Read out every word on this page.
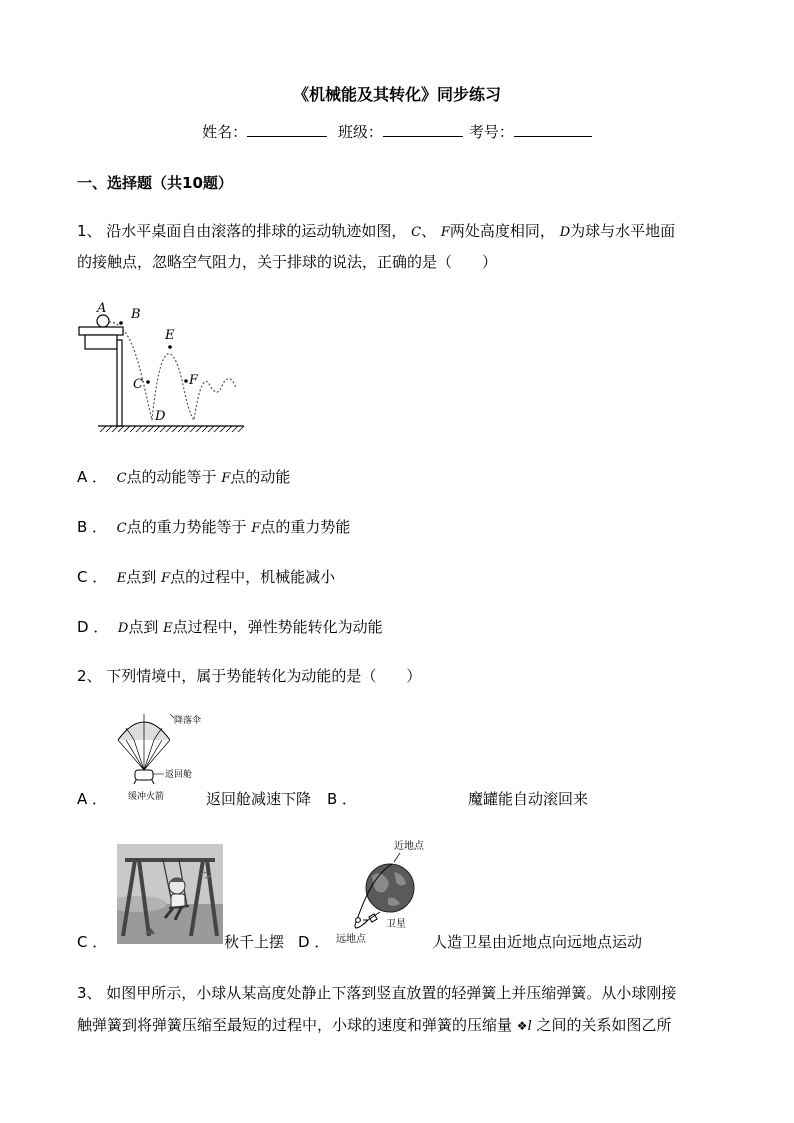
《机械能及其转化》同步练习
姓名：	班级：	考号：
一、选择题（共10题）
1、 沿水平桌面自由滚落的排球的运动轨迹如图， C、 F两处高度相同， D为球与水平地面
的接触点，忽略空气阻力，关于排球的说法，正确的是（　　）
A B
C
D
E
F
A ． C点的动能等于 F点的动能
B ． C点的重力势能等于 F点的重力势能
C ． E点到 F点的过程中，机械能减小
D ． D点到 E点过程中，弹性势能转化为动能
2、 下列情境中，属于势能转化为动能的是（　　）
降落伞
返回舱
缓冲火箭
A ．	返回舱减速下降 B ．	魔罐能自动滚回来
C ．	秋千上摆 D ．
近地点
卫星
远地点	人造卫星由近地点向远地点运动
3、 如图甲所示，小球从某高度处静止下落到竖直放置的轻弹簧上并压缩弹簧。从小球刚接
触弹簧到将弹簧压缩至最短的过程中，小球的速度和弹簧的压缩量 ❖l 之间的关系如图乙所
